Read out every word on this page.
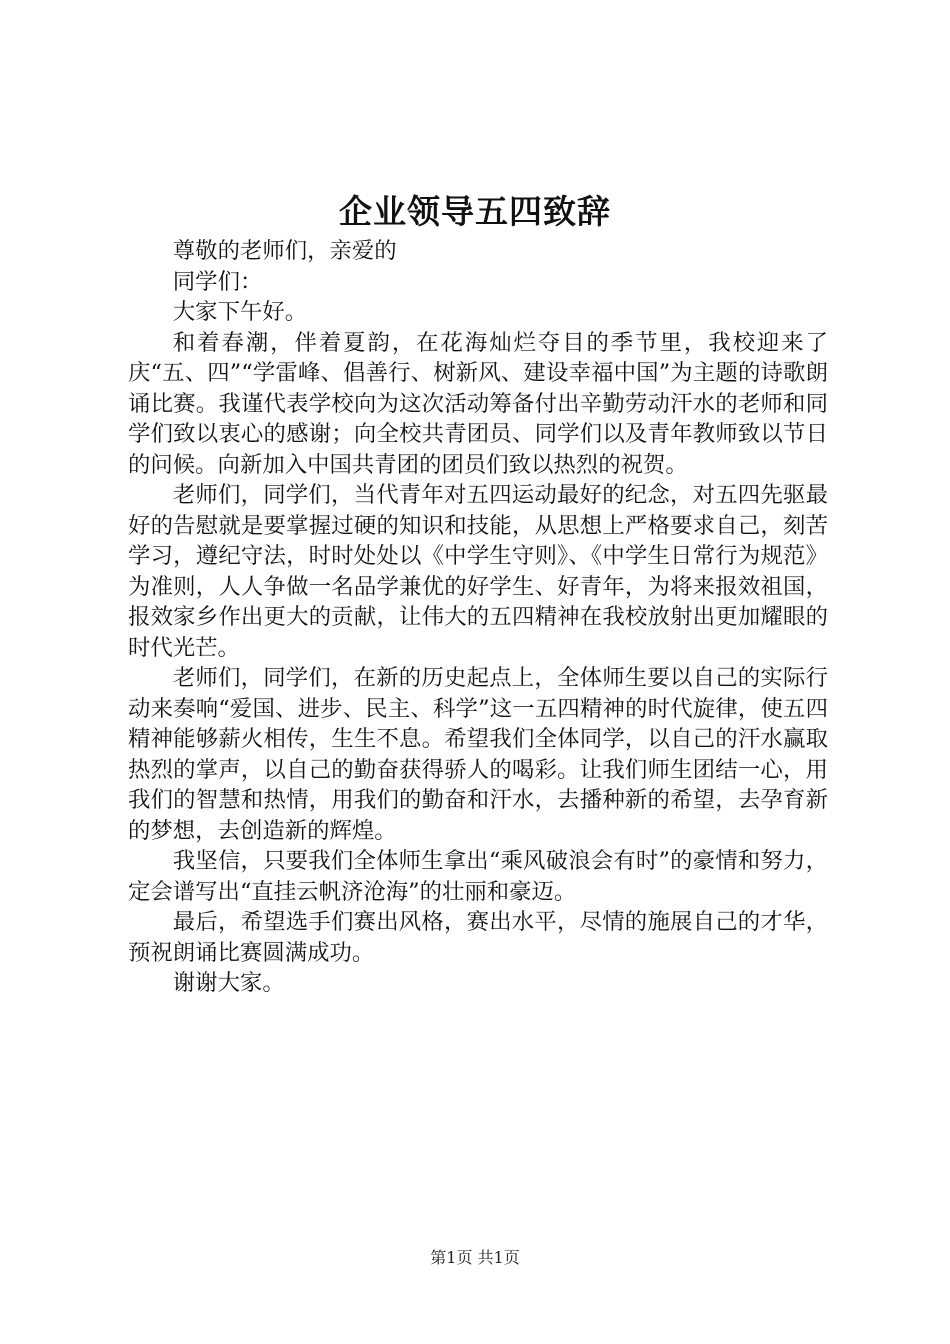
企业领导五四致辞

尊敬的老师们，亲爱的

同学们：

大家下午好。

和着春潮，伴着夏韵，在花海灿烂夺目的季节里，我校迎来了庆“五、四”“学雷峰、倡善行、树新风、建设幸福中国”为主题的诗歌朗诵比赛。我谨代表学校向为这次活动筹备付出辛勤劳动汗水的老师和同学们致以衷心的感谢；向全校共青团员、同学们以及青年教师致以节日的问候。向新加入中国共青团的团员们致以热烈的祝贺。

老师们，同学们，当代青年对五四运动最好的纪念，对五四先驱最好的告慰就是要掌握过硬的知识和技能，从思想上严格要求自己，刻苦学习，遵纪守法，时时处处以《中学生守则》、《中学生日常行为规范》为准则，人人争做一名品学兼优的好学生、好青年，为将来报效祖国，报效家乡作出更大的贡献，让伟大的五四精神在我校放射出更加耀眼的时代光芒。

老师们，同学们，在新的历史起点上，全体师生要以自己的实际行动来奏响“爱国、进步、民主、科学”这一五四精神的时代旋律，使五四精神能够薪火相传，生生不息。希望我们全体同学，以自己的汗水赢取热烈的掌声，以自己的勤奋获得骄人的喝彩。让我们师生团结一心，用我们的智慧和热情，用我们的勤奋和汗水，去播种新的希望，去孕育新的梦想，去创造新的辉煌。

我坚信，只要我们全体师生拿出“乘风破浪会有时”的豪情和努力，定会谱写出“直挂云帆济沧海”的壮丽和豪迈。

最后，希望选手们赛出风格，赛出水平，尽情的施展自己的才华，预祝朗诵比赛圆满成功。

谢谢大家。

第1页 共1页
